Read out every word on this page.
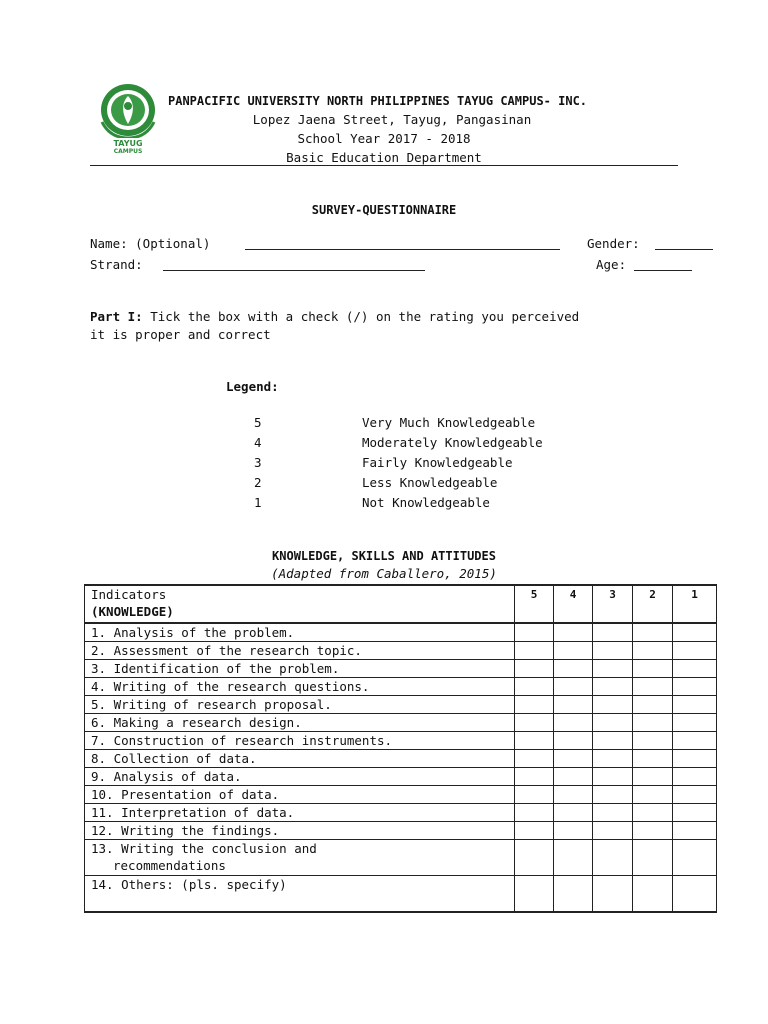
TAYUG
CAMPUS
PANPACIFIC UNIVERSITY NORTH PHILIPPINES TAYUG CAMPUS- INC.
Lopez Jaena Street, Tayug, Pangasinan
School Year 2017 - 2018
Basic Education Department
SURVEY-QUESTIONNAIRE
Name: (Optional)	Gender:
Strand:	Age:
Part I: Tick the box with a check (/) on the rating you perceived
it is proper and correct
Legend:
5	Very Much Knowledgeable
4	Moderately Knowledgeable
3	Fairly Knowledgeable
2	Less Knowledgeable
1	Not Knowledgeable
KNOWLEDGE, SKILLS AND ATTITUDES
(Adapted from Caballero, 2015)
Indicators
(KNOWLEDGE)	5	4	3	2	1
1. Analysis of the problem.					
2. Assessment of the research topic.					
3. Identification of the problem.					
4. Writing of the research questions.					
5. Writing of research proposal.					
6. Making a research design.					
7. Construction of research instruments.					
8. Collection of data.					
9. Analysis of data.					
10. Presentation of data.					
11. Interpretation of data.					
12. Writing the findings.					

13. Writing the conclusion and
recommendations					

14. Others: (pls. specify)					
